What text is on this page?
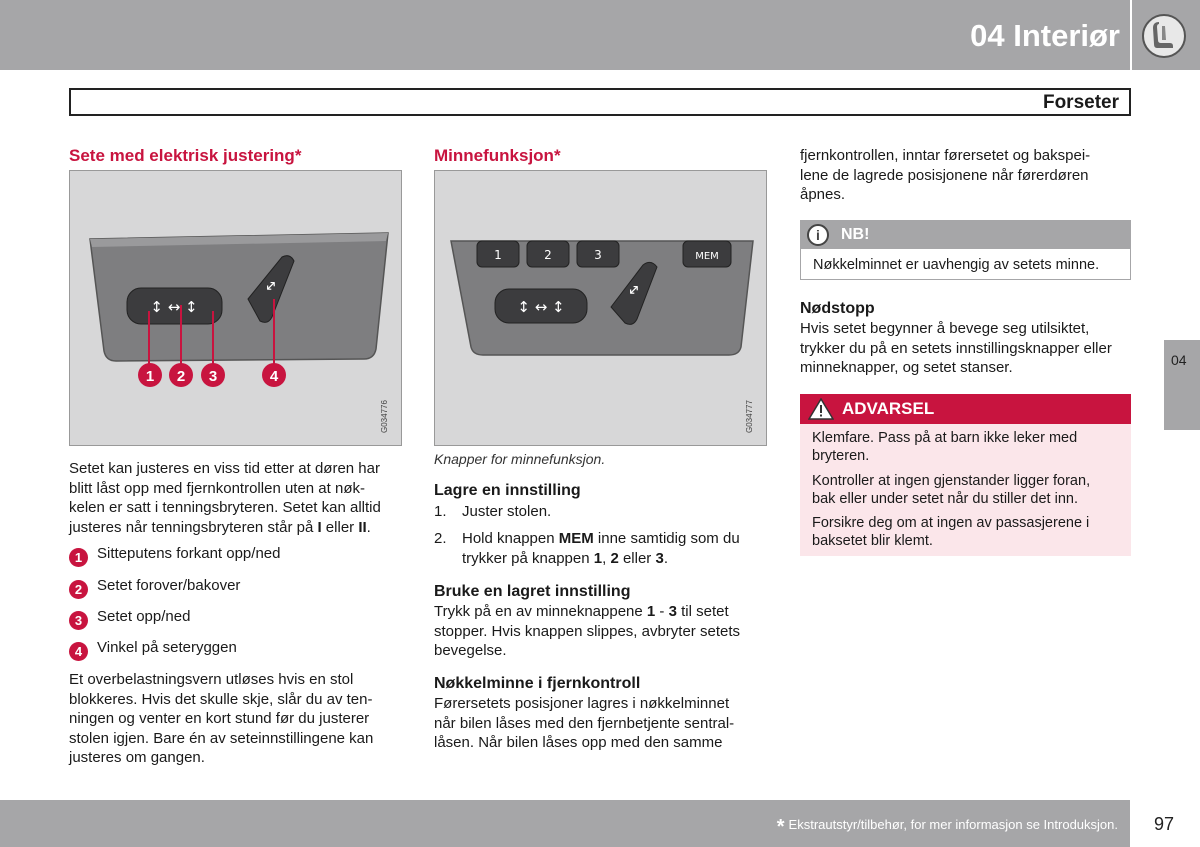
04 Interiør
Forseter
04
Sete med elektrisk justering*
↕ ↔ ↕
↔
1 2 3	4
G034776
Setet kan justeres en viss tid etter at døren har
blitt låst opp med fjernkontrollen uten at nøk-
kelen er satt i tenningsbryteren. Setet kan alltid
justeres når tenningsbryteren står på I eller II.
1 Sitteputens forkant opp/ned
2 Setet forover/bakover
3 Setet opp/ned
4 Vinkel på seteryggen
Et overbelastningsvern utløses hvis en stol
blokkeres. Hvis det skulle skje, slår du av ten-
ningen og venter en kort stund før du justerer
stolen igjen. Bare én av seteinnstillingene kan
justeres om gangen.
Minnefunksjon*
1	2	3	MEM
↕ ↔ ↕
↔
G034777
Knapper for minnefunksjon.
Lagre en innstilling
1. Juster stolen.
2. Hold knappen MEM inne samtidig som du
trykker på knappen 1, 2 eller 3.
Bruke en lagret innstilling
Trykk på en av minneknappene 1 - 3 til setet
stopper. Hvis knappen slippes, avbryter setets
bevegelse.
Nøkkelminne i fjernkontroll
Førersetets posisjoner lagres i nøkkelminnet
når bilen låses med den fjernbetjente sentral-
låsen. Når bilen låses opp med den samme
fjernkontrollen, inntar førersetet og bakspei-
lene de lagrede posisjonene når førerdøren
åpnes.
i	NB!
Nøkkelminnet er uavhengig av setets minne.
Nødstopp
Hvis setet begynner å bevege seg utilsiktet,
trykker du på en setets innstillingsknapper eller
minneknapper, og setet stanser.
ADVARSEL
Klemfare. Pass på at barn ikke leker med
bryteren.
Kontroller at ingen gjenstander ligger foran,
bak eller under setet når du stiller det inn.
Forsikre deg om at ingen av passasjerene i
baksetet blir klemt.
* Ekstrautstyr/tilbehør, for mer informasjon se Introduksjon. 97
